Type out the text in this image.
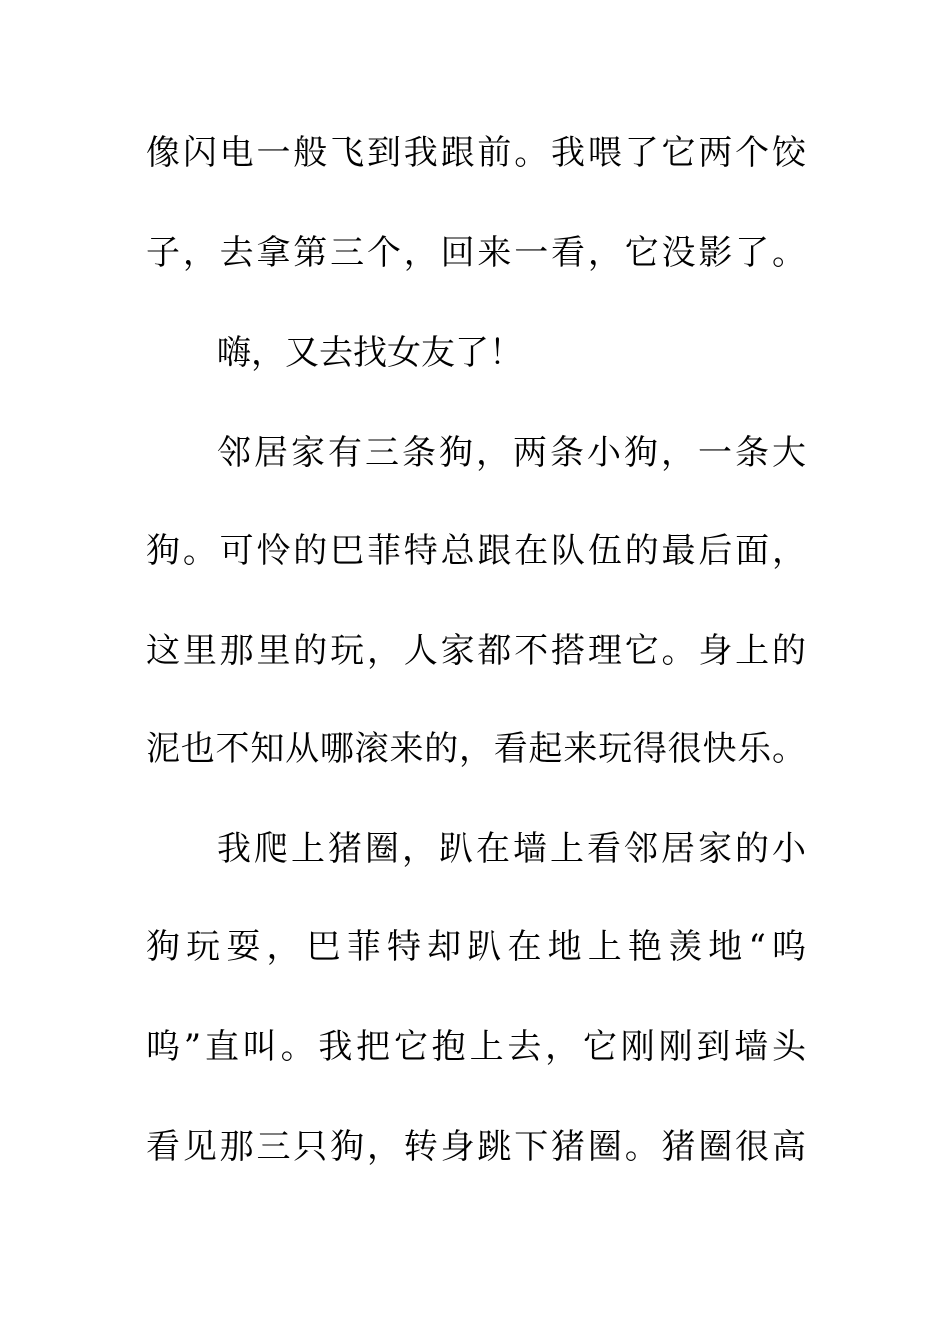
像闪电一般飞到我跟前。我喂了它两个饺
子，去拿第三个，回来一看，它没影了。
嗨，又去找女友了！
邻居家有三条狗，两条小狗，一条大
狗。可怜的巴菲特总跟在队伍的最后面，
这里那里的玩，人家都不搭理它。身上的
泥也不知从哪滚来的，看起来玩得很快乐。
我爬上猪圈，趴在墙上看邻居家的小
狗玩耍，巴菲特却趴在地上艳羡地“呜
呜”直叫。我把它抱上去，它刚刚到墙头
看见那三只狗，转身跳下猪圈。猪圈很高
